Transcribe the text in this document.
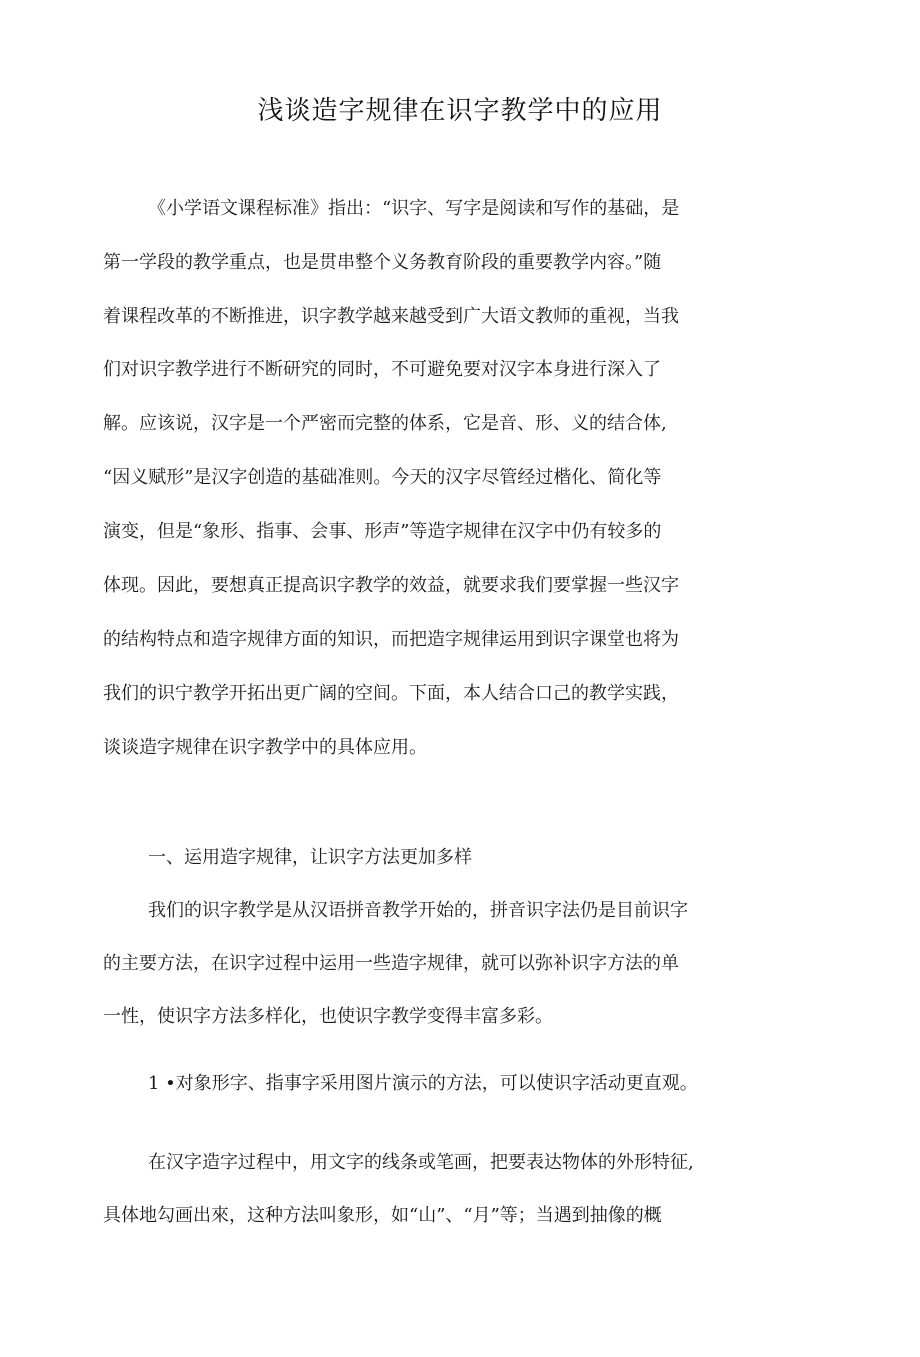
浅谈造字规律在识字教学中的应用

《小学语文课程标准》指出：“识字、写字是阅读和写作的基础，是

第一学段的教学重点，也是贯串整个义务教育阶段的重要教学内容。”随

着课程改革的不断推进，识字教学越来越受到广大语文教师的重视，当我

们对识字教学进行不断研究的同时，不可避免要对汉字本身进行深入了

解。应该说，汉字是一个严密而完整的体系，它是音、形、义的结合体,

“因义赋形”是汉字创造的基础准则。今天的汉字尽管经过楷化、简化等

演变，但是“象形、指事、会事、形声”等造字规律在汉字中仍有较多的

体现。因此，要想真正提高识字教学的效益，就要求我们要掌握一些汉字

的结构特点和造字规律方面的知识，而把造字规律运用到识字课堂也将为

我们的识宁教学开拓出更广阔的空间。下面，本人结合口己的教学实践，

谈谈造字规律在识字教学中的具体应用。

一、运用造字规律，让识字方法更加多样

我们的识字教学是从汉语拼音教学开始的，拼音识字法仍是目前识字

的主要方法，在识字过程中运用一些造字规律，就可以弥补识字方法的单

一性，使识字方法多样化，也使识字教学变得丰富多彩。

1 •对象形字、指事字采用图片演示的方法，可以使识字活动更直观。

在汉字造字过程中，用文字的线条或笔画，把要表达物体的外形特征,

具体地勾画出來，这种方法叫象形，如“山”、“月”等；当遇到抽像的概
